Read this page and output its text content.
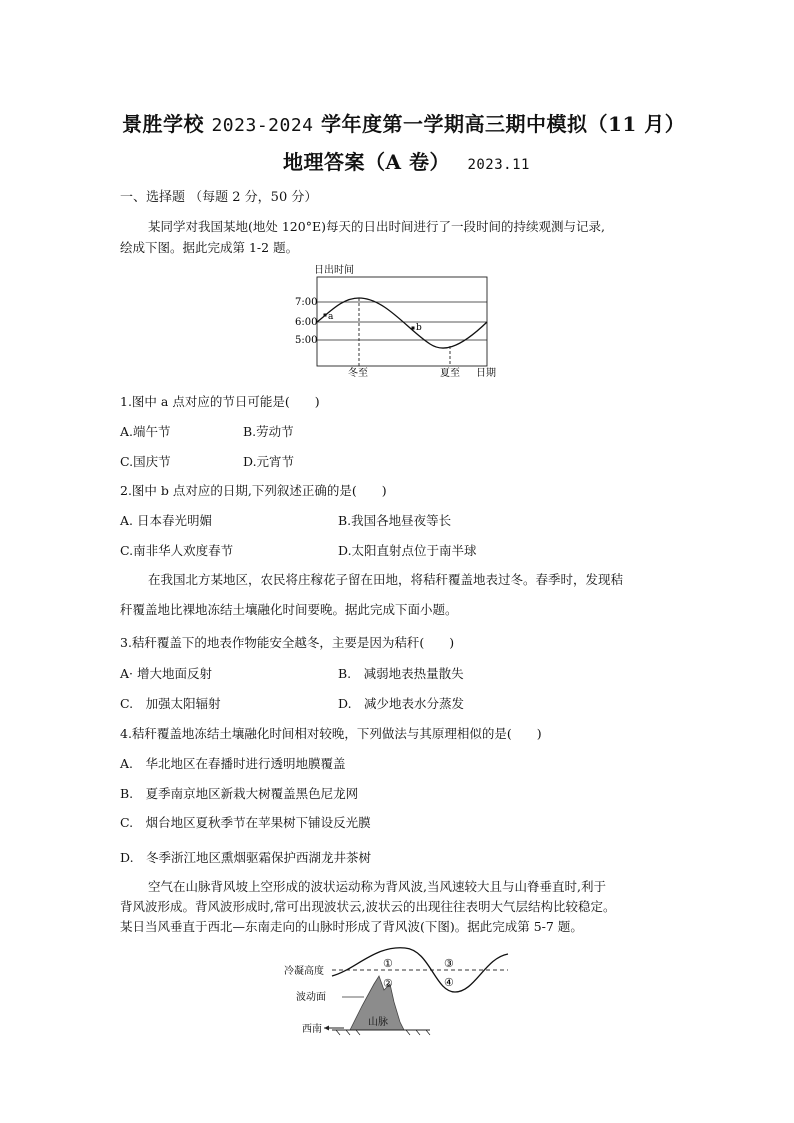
景胜学校 2023-2024 学年度第一学期高三期中模拟（11 月）
地理答案（A 卷） 2023.11
一、选择题 （每题 2 分，50 分）
某同学对我国某地(地处 120°E)每天的日出时间进行了一段时间的持续观测与记录,
绘成下图。据此完成第 1-2 题。
日出时间
7:00
6:00
5:00
a
b
冬至	夏至 日期
1.图中 a 点对应的节日可能是(　　)
A.端午节	B.劳动节
C.国庆节	D.元宵节
2.图中 b 点对应的日期,下列叙述正确的是(　　)
A. 日本春光明媚	B.我国各地昼夜等长
C.南非华人欢度春节	D.太阳直射点位于南半球
在我国北方某地区，农民将庄稼花子留在田地，将秸秆覆盖地表过冬。春季时，发现秸
秆覆盖地比裸地冻结土壤融化时间要晚。据此完成下面小题。
3.秸秆覆盖下的地表作物能安全越冬，主要是因为秸秆(　　)
A· 增大地面反射	B.　减弱地表热量散失
C.　加强太阳辐射	D.　减少地表水分蒸发
4.秸秆覆盖地冻结土壤融化时间相对较晚，下列做法与其原理相似的是(　　)
A.　华北地区在春播时进行透明地膜覆盖
B.　夏季南京地区新栽大树覆盖黑色尼龙网
C.　烟台地区夏秋季节在苹果树下铺设反光膜
D.　冬季浙江地区熏烟驱霜保护西湖龙井茶树
空气在山脉背风坡上空形成的波状运动称为背风波,当风速较大且与山脊垂直时,利于
背风波形成。背风波形成时,常可出现波状云,波状云的出现往往表明大气层结构比较稳定。
某日当风垂直于西北—东南走向的山脉时形成了背风波(下图)。据此完成第 5-7 题。
冷凝高度
山脉
波动面
西南
①
②
③
④
